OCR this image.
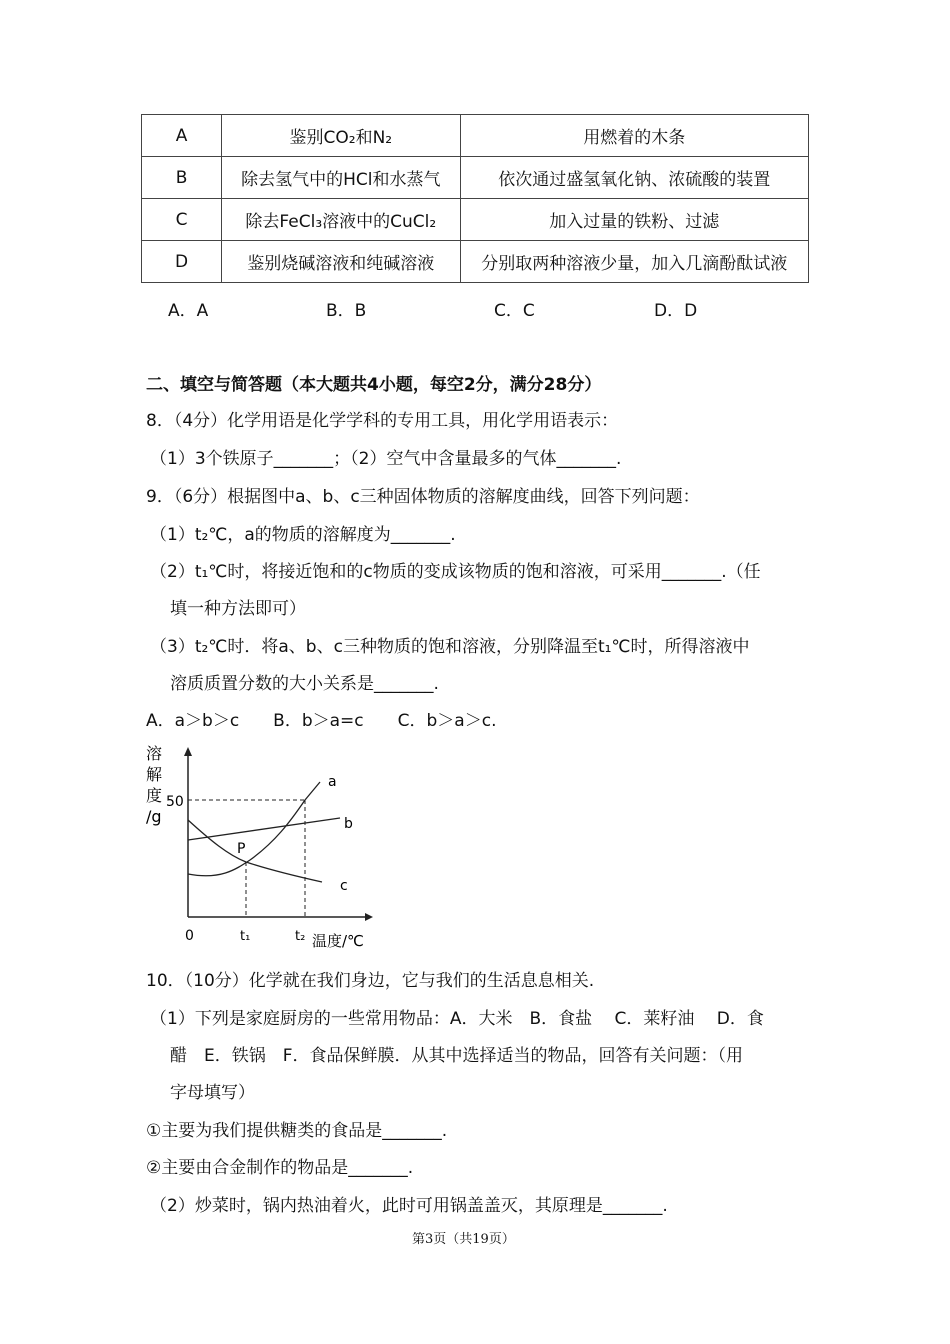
A	鉴别CO₂和N₂	用燃着的木条
B	除去氢气中的HCl和水蒸气	依次通过盛氢氧化钠、浓硫酸的装置
C	除去FeCl₃溶液中的CuCl₂	加入过量的铁粉、过滤
D	鉴别烧碱溶液和纯碱溶液	分别取两种溶液少量，加入几滴酚酞试液
A．A	B．B	C．C	D．D
二、填空与简答题（本大题共4小题，每空2分，满分28分）
8．（4分）化学用语是化学学科的专用工具，用化学用语表示：
（1）3个铁原子_______；（2）空气中含量最多的气体_______.
9．（6分）根据图中a、b、c三种固体物质的溶解度曲线，回答下列问题：
（1）t₂℃，a的物质的溶解度为_______.
（2）t₁℃时，将接近饱和的c物质的变成该物质的饱和溶液，可采用_______.（任
填一种方法即可）
（3）t₂℃时．将a、b、c三种物质的饱和溶液，分别降温至t₁℃时，所得溶液中
溶质质置分数的大小关系是_______.
A．a＞b＞c　　B．b＞a=c　　C．b＞a＞c.
溶
解
度
/g
50
0	t₁	t₂ 温度/℃
a
b
c
P
10．（10分）化学就在我们身边，它与我们的生活息息相关.
（1）下列是家庭厨房的一些常用物品：A．大米　B．食盐　 C．莱籽油　 D．食
醋　E．铁锅　F．食品保鲜膜．从其中选择适当的物品，回答有关问题：（用
字母填写）
①主要为我们提供糖类的食品是_______.
②主要由合金制作的物品是_______.
（2）炒菜时，锅内热油着火，此时可用锅盖盖灭，其原理是_______.
第3页（共19页）
